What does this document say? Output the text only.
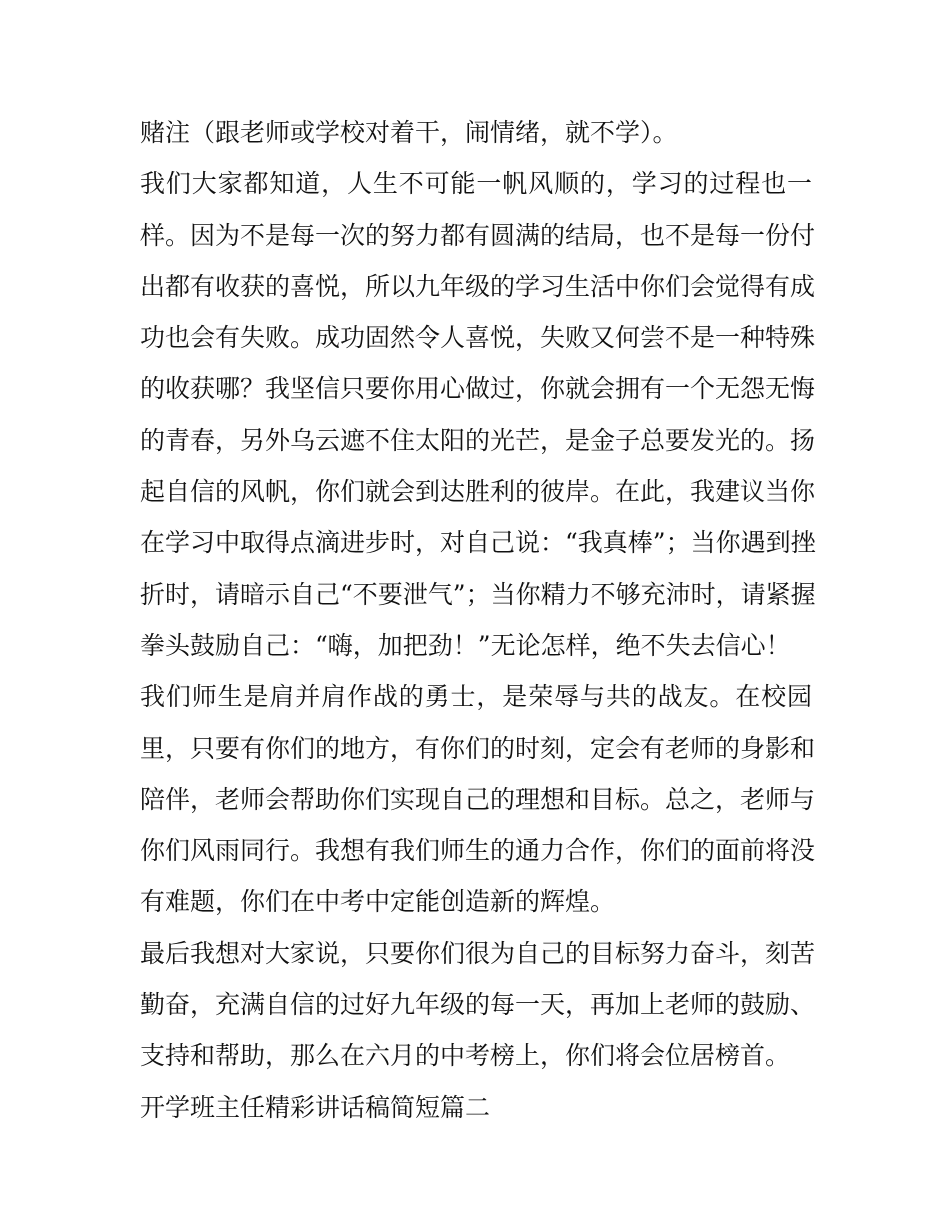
赌注（跟老师或学校对着干，闹情绪，就不学）。

我们大家都知道，人生不可能一帆风顺的，学习的过程也一
样。因为不是每一次的努力都有圆满的结局，也不是每一份付
出都有收获的喜悦，所以九年级的学习生活中你们会觉得有成
功也会有失败。成功固然令人喜悦，失败又何尝不是一种特殊
的收获哪？我坚信只要你用心做过，你就会拥有一个无怨无悔
的青春，另外乌云遮不住太阳的光芒，是金子总要发光的。扬
起自信的风帆，你们就会到达胜利的彼岸。在此，我建议当你
在学习中取得点滴进步时，对自己说：“我真棒”；当你遇到挫
折时，请暗示自己“不要泄气”；当你精力不够充沛时，请紧握
拳头鼓励自己：“嗨，加把劲！”无论怎样，绝不失去信心！

我们师生是肩并肩作战的勇士，是荣辱与共的战友。在校园
里，只要有你们的地方，有你们的时刻，定会有老师的身影和
陪伴，老师会帮助你们实现自己的理想和目标。总之，老师与
你们风雨同行。我想有我们师生的通力合作，你们的面前将没
有难题，你们在中考中定能创造新的辉煌。

最后我想对大家说，只要你们很为自己的目标努力奋斗，刻苦
勤奋，充满自信的过好九年级的每一天，再加上老师的鼓励、
支持和帮助，那么在六月的中考榜上，你们将会位居榜首。

开学班主任精彩讲话稿简短篇二
